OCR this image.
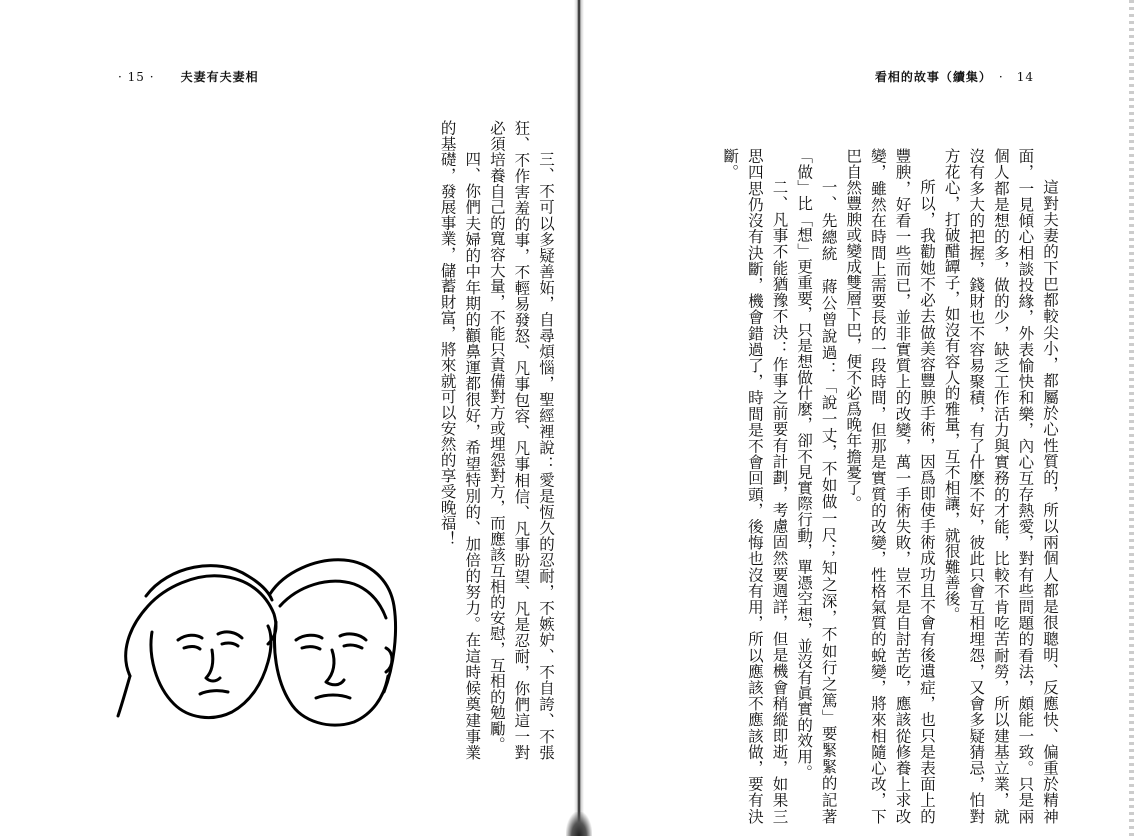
· 15 ·　　夫妻有夫妻相

三、不可以多疑善妬，自尋煩惱，聖經裡說：愛是恆久的忍耐，不嫉妒、不自誇、不張狂、不作害羞的事，不輕易發怒、凡事包容、凡事相信、凡事盼望、凡是忍耐，你們這一對必須培養自己的寬容大量，不能只責備對方或埋怨對方，而應該互相的安慰，互相的勉勵。

四、你們夫婦的中年期的顴鼻運都很好，希望特別的、加倍的努力。在這時候奠建事業的基礎，發展事業，儲蓄財富，將來就可以安然的享受晚福！

看相的故事（續集）　·　14

這對夫妻的下巴都較尖小，都屬於心性質的，所以兩個人都是很聰明、反應快、偏重於精神面，一見傾心相談投緣，外表愉快和樂，內心互存熱愛，對有些問題的看法，頗能一致。只是兩個人都是想的多，做的少，缺乏工作活力與實務的才能，比較不肯吃苦耐勞，所以建基立業，就沒有多大的把握，錢財也不容易聚積，有了什麼不好，彼此只會互相埋怨，又會多疑猜忌，怕對方花心，打破醋罈子，如沒有容人的雅量，互不相讓，就很難善後。

所以，我勸她不必去做美容豐腴手術，因爲即使手術成功且不會有後遺症，也只是表面上的豐腴，好看一些而已，並非實質上的改變，萬一手術失敗，豈不是自討苦吃，應該從修養上求改變，雖然在時間上需要長的一段時間，但那是實質的改變，性格氣質的蛻變，將來相隨心改，下巴自然豐腴或變成雙層下巴，便不必爲晚年擔憂了。

一、先總統　蔣公曾說過：「說一丈，不如做一尺；知之深，不如行之篤」要緊緊的記著「做」比「想」更重要，只是想做什麼，卻不見實際行動，單憑空想，並沒有眞實的效用。

二、凡事不能猶豫不決：作事之前要有計劃，考慮固然要週詳，但是機會稍縱即逝，如果三思四思仍沒有決斷，機會錯過了，時間是不會回頭，後悔也沒有用，所以應該不應該做，要有決斷。
